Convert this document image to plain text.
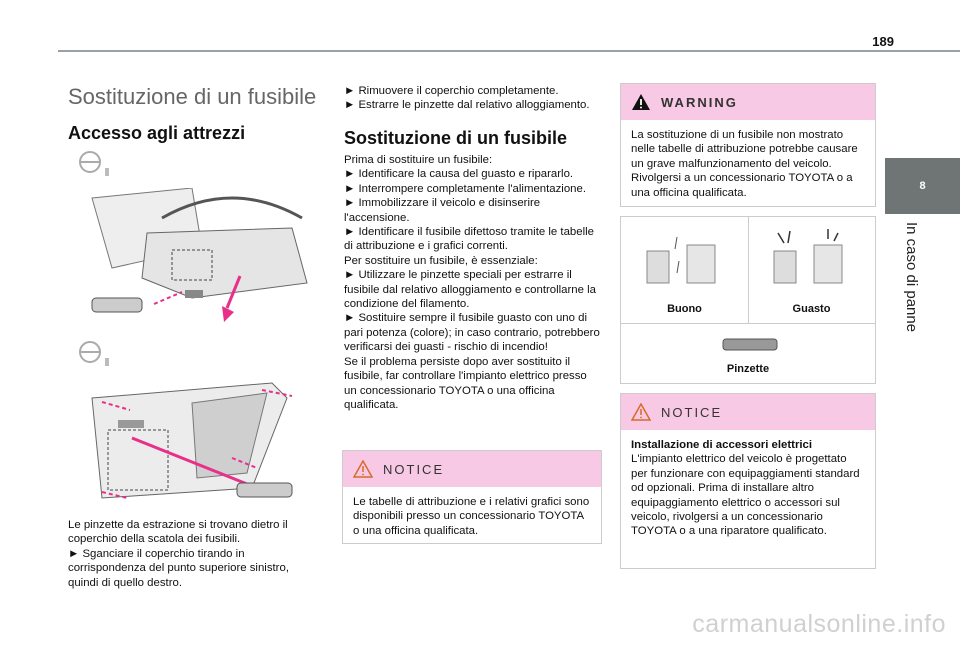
189
8
In caso di panne
Sostituzione di un fusibile
Accesso agli attrezzi

Le pinzette da estrazione si trovano dietro il coperchio della scatola dei fusibili.

► Sganciare il coperchio tirando in corrispondenza del punto superiore sinistro, quindi di quello destro.

► Rimuovere il coperchio completamente.

► Estrarre le pinzette dal relativo alloggiamento.

Sostituzione di un fusibile

Prima di sostituire un fusibile:

► Identificare la causa del guasto e ripararlo.

► Interrompere completamente l'alimentazione.

► Immobilizzare il veicolo e disinserire l'accensione.

► Identificare il fusibile difettoso tramite le tabelle di attribuzione e i grafici correnti.

Per sostituire un fusibile, è essenziale:

► Utilizzare le pinzette speciali per estrarre il fusibile dal relativo alloggiamento e controllarne la condizione del filamento.

► Sostituire sempre il fusibile guasto con uno di pari potenza (colore); in caso contrario, potrebbero verificarsi dei guasti - rischio di incendio!

Se il problema persiste dopo aver sostituito il fusibile, far controllare l'impianto elettrico presso un concessionario TOYOTA o una officina qualificata.

NOTICE
Le tabelle di attribuzione e i relativi grafici sono disponibili presso un concessionario TOYOTA o una officina qualificata.
WARNING
La sostituzione di un fusibile non mostrato nelle tabelle di attribuzione potrebbe causare un grave malfunzionamento del veicolo. Rivolgersi a un concessionario TOYOTA o a una officina qualificata.
Buono	Guasto
Pinzette
NOTICE
Installazione di accessori elettrici
L'impianto elettrico del veicolo è progettato per funzionare con equipaggiamenti standard od opzionali. Prima di installare altro equipaggiamento elettrico o accessori sul veicolo, rivolgersi a un concessionario TOYOTA o a una riparatore qualificato.
carmanualsonline.info
